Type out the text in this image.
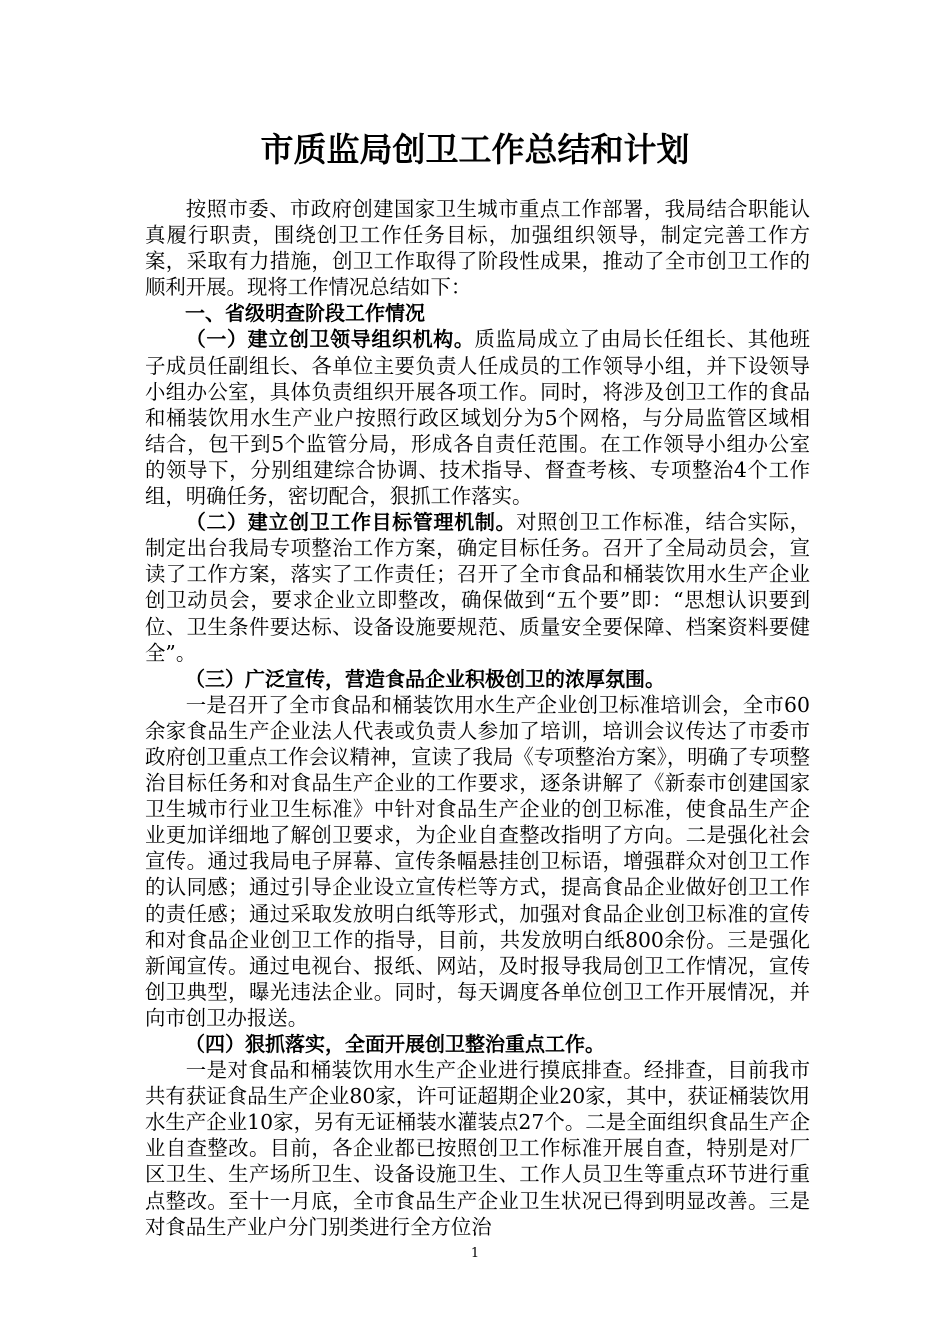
市质监局创卫工作总结和计划

按照市委、市政府创建国家卫生城市重点工作部署，我局结合职能认真履行职责，围绕创卫工作任务目标，加强组织领导，制定完善工作方案，采取有力措施，创卫工作取得了阶段性成果，推动了全市创卫工作的顺利开展。现将工作情况总结如下：

一、省级明查阶段工作情况

（一）建立创卫领导组织机构。质监局成立了由局长任组长、其他班子成员任副组长、各单位主要负责人任成员的工作领导小组，并下设领导小组办公室，具体负责组织开展各项工作。同时，将涉及创卫工作的食品和桶装饮用水生产业户按照行政区域划分为5个网格，与分局监管区域相结合，包干到5个监管分局，形成各自责任范围。在工作领导小组办公室的领导下，分别组建综合协调、技术指导、督查考核、专项整治4个工作组，明确任务，密切配合，狠抓工作落实。

（二）建立创卫工作目标管理机制。对照创卫工作标准，结合实际，制定出台我局专项整治工作方案，确定目标任务。召开了全局动员会，宣读了工作方案，落实了工作责任；召开了全市食品和桶装饮用水生产企业创卫动员会，要求企业立即整改，确保做到“五个要”即：“思想认识要到位、卫生条件要达标、设备设施要规范、质量安全要保障、档案资料要健全”。

（三）广泛宣传，营造食品企业积极创卫的浓厚氛围。

一是召开了全市食品和桶装饮用水生产企业创卫标准培训会，全市60余家食品生产企业法人代表或负责人参加了培训，培训会议传达了市委市政府创卫重点工作会议精神，宣读了我局《专项整治方案》，明确了专项整治目标任务和对食品生产企业的工作要求，逐条讲解了《新泰市创建国家卫生城市行业卫生标准》中针对食品生产企业的创卫标准，使食品生产企业更加详细地了解创卫要求，为企业自查整改指明了方向。二是强化社会宣传。通过我局电子屏幕、宣传条幅悬挂创卫标语，增强群众对创卫工作的认同感；通过引导企业设立宣传栏等方式，提高食品企业做好创卫工作的责任感；通过采取发放明白纸等形式，加强对食品企业创卫标准的宣传和对食品企业创卫工作的指导，目前，共发放明白纸800余份。三是强化新闻宣传。通过电视台、报纸、网站，及时报导我局创卫工作情况，宣传创卫典型，曝光违法企业。同时，每天调度各单位创卫工作开展情况，并向市创卫办报送。

（四）狠抓落实，全面开展创卫整治重点工作。

一是对食品和桶装饮用水生产企业进行摸底排查。经排查，目前我市共有获证食品生产企业80家，许可证超期企业20家，其中，获证桶装饮用水生产企业10家，另有无证桶装水灌装点27个。二是全面组织食品生产企业自查整改。目前，各企业都已按照创卫工作标准开展自查，特别是对厂区卫生、生产场所卫生、设备设施卫生、工作人员卫生等重点环节进行重点整改。至十一月底，全市食品生产企业卫生状况已得到明显改善。三是对食品生产业户分门别类进行全方位治

1
